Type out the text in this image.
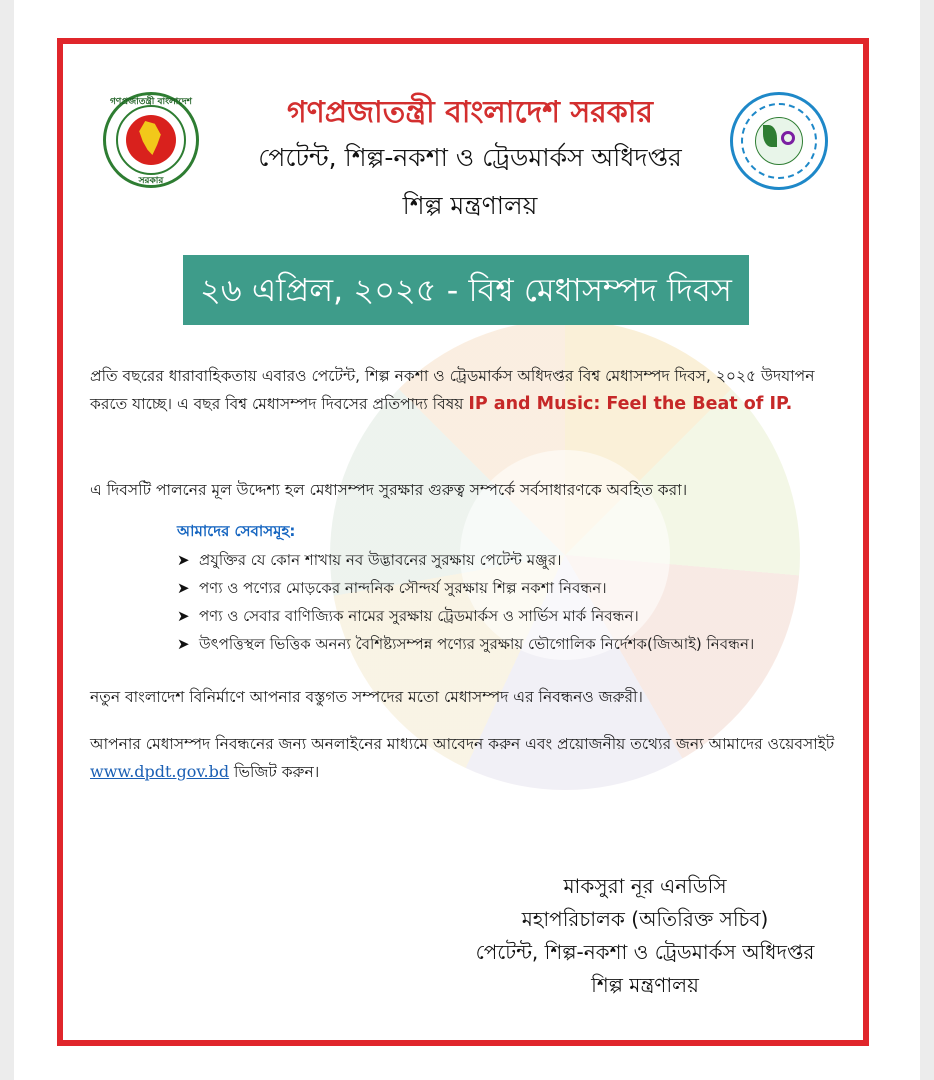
গণপ্রজাতন্ত্রী বাংলাদেশ
সরকার
গণপ্রজাতন্ত্রী বাংলাদেশ সরকার
পেটেন্ট, শিল্প-নকশা ও ট্রেডমার্কস অধিদপ্তর
শিল্প মন্ত্রণালয়
২৬ এপ্রিল, ২০২৫ - বিশ্ব মেধাসম্পদ দিবস
প্রতি বছরের ধারাবাহিকতায় এবারও পেটেন্ট, শিল্প নকশা ও ট্রেডমার্কস অধিদপ্তর বিশ্ব মেধাসম্পদ দিবস, ২০২৫ উদযাপন করতে যাচ্ছে। এ বছর বিশ্ব মেধাসম্পদ দিবসের প্রতিপাদ্য বিষয় IP and Music: Feel the Beat of IP.
এ দিবসটি পালনের মূল উদ্দেশ্য হল মেধাসম্পদ সুরক্ষার গুরুত্ব সম্পর্কে সর্বসাধারণকে অবহিত করা।
আমাদের সেবাসমূহ:
➤ প্রযুক্তির যে কোন শাখায় নব উদ্ভাবনের সুরক্ষায় পেটেন্ট মঞ্জুর।
➤ পণ্য ও পণ্যের মোড়কের নান্দনিক সৌন্দর্য সুরক্ষায় শিল্প নকশা নিবন্ধন।
➤ পণ্য ও সেবার বাণিজ্যিক নামের সুরক্ষায় ট্রেডমার্কস ও সার্ভিস মার্ক নিবন্ধন।
➤ উৎপত্তিস্থল ভিত্তিক অনন্য বৈশিষ্ট্যসম্পন্ন পণ্যের সুরক্ষায় ভৌগোলিক নির্দেশক(জিআই) নিবন্ধন।
নতুন বাংলাদেশ বিনির্মাণে আপনার বস্তুগত সম্পদের মতো মেধাসম্পদ এর নিবন্ধনও জরুরী।
আপনার মেধাসম্পদ নিবন্ধনের জন্য অনলাইনের মাধ্যমে আবেদন করুন এবং প্রয়োজনীয় তথ্যের জন্য আমাদের ওয়েবসাইট www.dpdt.gov.bd ভিজিট করুন।
মাকসুরা নূর এনডিসি
মহাপরিচালক (অতিরিক্ত সচিব)
পেটেন্ট, শিল্প-নকশা ও ট্রেডমার্কস অধিদপ্তর
শিল্প মন্ত্রণালয়
